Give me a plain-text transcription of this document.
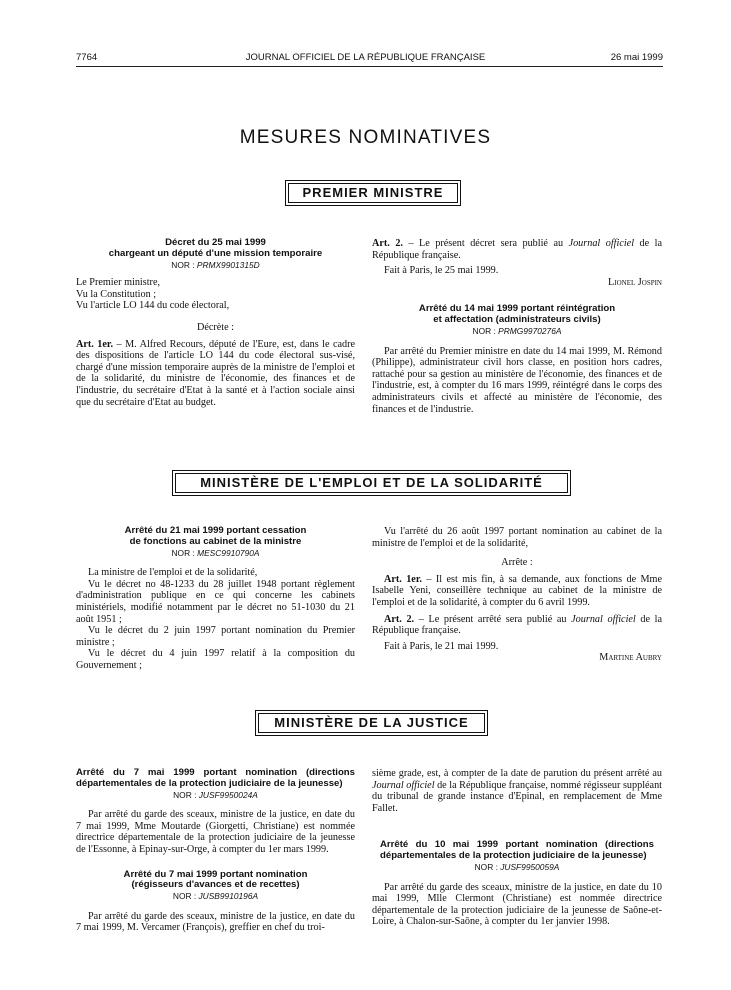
7764	JOURNAL OFFICIEL DE LA RÉPUBLIQUE FRANÇAISE	26 mai 1999
MESURES NOMINATIVES
PREMIER MINISTRE

Décret du 25 mai 1999

chargeant un député d'une mission temporaire

NOR : PRMX9901315D

Le Premier ministre,

Vu la Constitution ;

Vu l'article LO 144 du code électoral,

Décrète :

Art. 1er. – M. Alfred Recours, député de l'Eure, est, dans le cadre des dispositions de l'article LO 144 du code électoral sus-visé, chargé d'une mission temporaire auprès de la ministre de l'emploi et de la solidarité, du ministre de l'économie, des finances et de l'industrie, du secrétaire d'Etat à la santé et à l'action sociale ainsi que du secrétaire d'Etat au budget.

Art. 2. – Le présent décret sera publié au Journal officiel de la République française.

Fait à Paris, le 25 mai 1999.

Lionel Jospin

Arrêté du 14 mai 1999 portant réintégration

et affectation (administrateurs civils)

NOR : PRMG9970276A

Par arrêté du Premier ministre en date du 14 mai 1999, M. Rémond (Philippe), administrateur civil hors classe, en position hors cadres, rattaché pour sa gestion au ministère de l'économie, des finances et de l'industrie, est, à compter du 16 mars 1999, réintégré dans le corps des administrateurs civils et affecté au ministère de l'économie, des finances et de l'industrie.

MINISTÈRE DE L'EMPLOI ET DE LA SOLIDARITÉ

Arrêté du 21 mai 1999 portant cessation

de fonctions au cabinet de la ministre

NOR : MESC9910790A

La ministre de l'emploi et de la solidarité,

Vu le décret no 48-1233 du 28 juillet 1948 portant règlement d'administration publique en ce qui concerne les cabinets ministériels, modifié notamment par le décret no 51-1030 du 21 août 1951 ;

Vu le décret du 2 juin 1997 portant nomination du Premier ministre ;

Vu le décret du 4 juin 1997 relatif à la composition du Gouvernement ;

Vu l'arrêté du 26 août 1997 portant nomination au cabinet de la ministre de l'emploi et de la solidarité,

Arrête :

Art. 1er. – Il est mis fin, à sa demande, aux fonctions de Mme Isabelle Yeni, conseillère technique au cabinet de la ministre de l'emploi et de la solidarité, à compter du 6 avril 1999.

Art. 2. – Le présent arrêté sera publié au Journal officiel de la République française.

Fait à Paris, le 21 mai 1999.

Martine Aubry

MINISTÈRE DE LA JUSTICE

Arrêté du 7 mai 1999 portant nomination (directions départementales de la protection judiciaire de la jeunesse)

NOR : JUSF9950024A

Par arrêté du garde des sceaux, ministre de la justice, en date du 7 mai 1999, Mme Moutarde (Giorgetti, Christiane) est nommée directrice départementale de la protection judiciaire de la jeunesse de l'Essonne, à Epinay-sur-Orge, à compter du 1er mars 1999.

Arrêté du 7 mai 1999 portant nomination

(régisseurs d'avances et de recettes)

NOR : JUSB9910196A

Par arrêté du garde des sceaux, ministre de la justice, en date du 7 mai 1999, M. Vercamer (François), greffier en chef du troi-

sième grade, est, à compter de la date de parution du présent arrêté au Journal officiel de la République française, nommé régisseur suppléant du tribunal de grande instance d'Epinal, en remplacement de Mme Fallet.

Arrêté du 10 mai 1999 portant nomination (directions départementales de la protection judiciaire de la jeunesse)

NOR : JUSF9950059A

Par arrêté du garde des sceaux, ministre de la justice, en date du 10 mai 1999, Mlle Clermont (Christiane) est nommée directrice départementale de la protection judiciaire de la jeunesse de Saône-et-Loire, à Chalon-sur-Saône, à compter du 1er janvier 1998.
